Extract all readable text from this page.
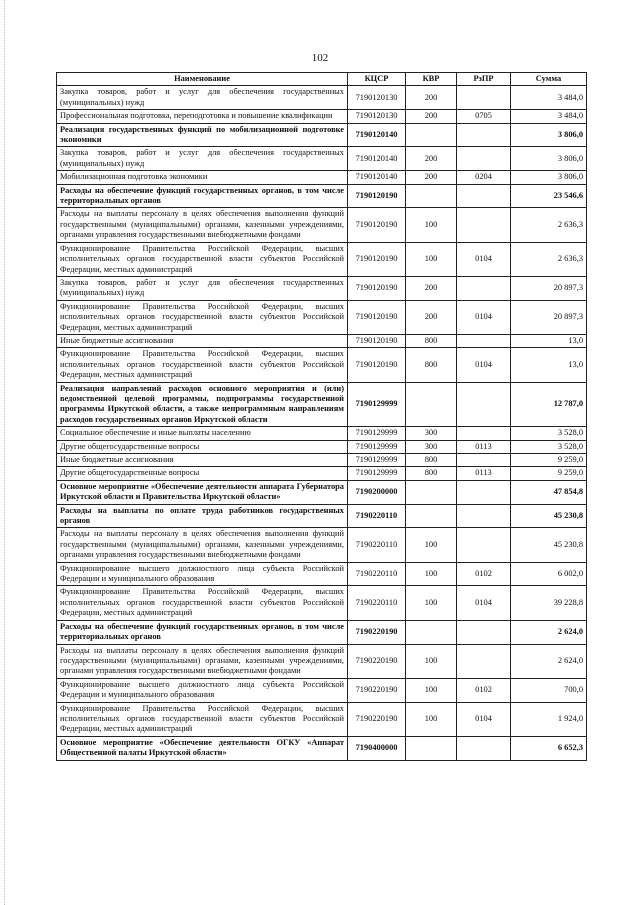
102
Наименование	КЦСР	КВР	РзПР	Сумма
Закупка товаров, работ и услуг для обеспечения государственных (муниципальных) нужд	7190120130	200		3 484,0
Профессиональная подготовка, переподготовка и повышение квалификации	7190120130	200	0705	3 484,0
Реализация государственных функций по мобилизационной подготовке экономики	7190120140			3 806,0
Закупка товаров, работ и услуг для обеспечения государственных (муниципальных) нужд	7190120140	200		3 806,0
Мобилизационная подготовка экономики	7190120140	200	0204	3 806,0
Расходы на обеспечение функций государственных органов, в том числе территориальных органов	7190120190			23 546,6
Расходы на выплаты персоналу в целях обеспечения выполнения функций государственными (муниципальными) органами, казенными учреждениями, органами управления государственными внебюджетными фондами	7190120190	100		2 636,3
Функционирование Правительства Российской Федерации, высших исполнительных органов государственной власти субъектов Российской Федерации, местных администраций	7190120190	100	0104	2 636,3
Закупка товаров, работ и услуг для обеспечения государственных (муниципальных) нужд	7190120190	200		20 897,3
Функционирование Правительства Российской Федерации, высших исполнительных органов государственной власти субъектов Российской Федерации, местных администраций	7190120190	200	0104	20 897,3
Иные бюджетные ассигнования	7190120190	800		13,0
Функционирование Правительства Российской Федерации, высших исполнительных органов государственной власти субъектов Российской Федерации, местных администраций	7190120190	800	0104	13,0
Реализация направлений расходов основного мероприятия и (или) ведомственной целевой программы, подпрограммы государственной программы Иркутской области, а также непрограммным направлениям расходов государственных органов Иркутской области	7190129999			12 787,0
Социальное обеспечение и иные выплаты населению	7190129999	300		3 528,0
Другие общегосударственные вопросы	7190129999	300	0113	3 528,0
Иные бюджетные ассигнования	7190129999	800		9 259,0
Другие общегосударственные вопросы	7190129999	800	0113	9 259,0
Основное мероприятие «Обеспечение деятельности аппарата Губернатора Иркутской области и Правительства Иркутской области»	7190200000			47 854,8
Расходы на выплаты по оплате труда работников государственных органов	7190220110			45 230,8
Расходы на выплаты персоналу в целях обеспечения выполнения функций государственными (муниципальными) органами, казенными учреждениями, органами управления государственными внебюджетными фондами	7190220110	100		45 230,8
Функционирование высшего должностного лица субъекта Российской Федерации и муниципального образования	7190220110	100	0102	6 002,0
Функционирование Правительства Российской Федерации, высших исполнительных органов государственной власти субъектов Российской Федерации, местных администраций	7190220110	100	0104	39 228,8
Расходы на обеспечение функций государственных органов, в том числе территориальных органов	7190220190			2 624,0
Расходы на выплаты персоналу в целях обеспечения выполнения функций государственными (муниципальными) органами, казенными учреждениями, органами управления государственными внебюджетными фондами	7190220190	100		2 624,0
Функционирование высшего должностного лица субъекта Российской Федерации и муниципального образования	7190220190	100	0102	700,0
Функционирование Правительства Российской Федерации, высших исполнительных органов государственной власти субъектов Российской Федерации, местных администраций	7190220190	100	0104	1 924,0
Основное мероприятие «Обеспечение деятельности ОГКУ «Аппарат Общественной палаты Иркутской области»	7190400000			6 652,3
